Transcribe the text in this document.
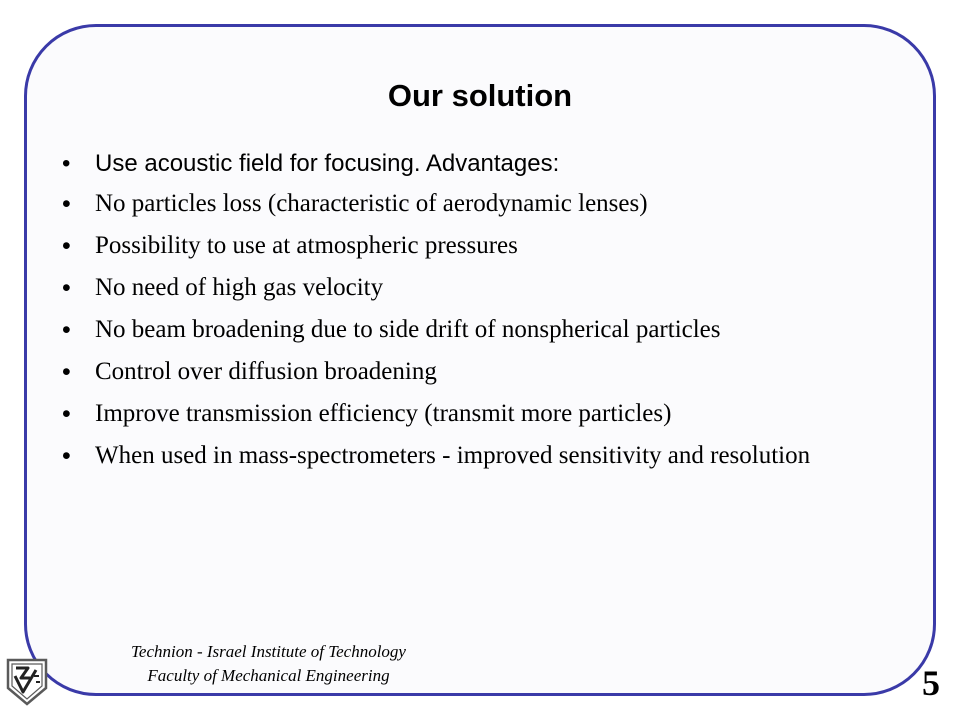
Our solution
• Use acoustic field for focusing. Advantages:
• No particles loss (characteristic of aerodynamic lenses)
• Possibility to use at atmospheric pressures
• No need of high gas velocity
• No beam broadening due to side drift of nonspherical particles
• Control over diffusion broadening
• Improve transmission efficiency (transmit more particles)
• When used in mass-spectrometers - improved sensitivity and resolution
Technion - Israel Institute of Technology
Faculty of Mechanical Engineering	5
